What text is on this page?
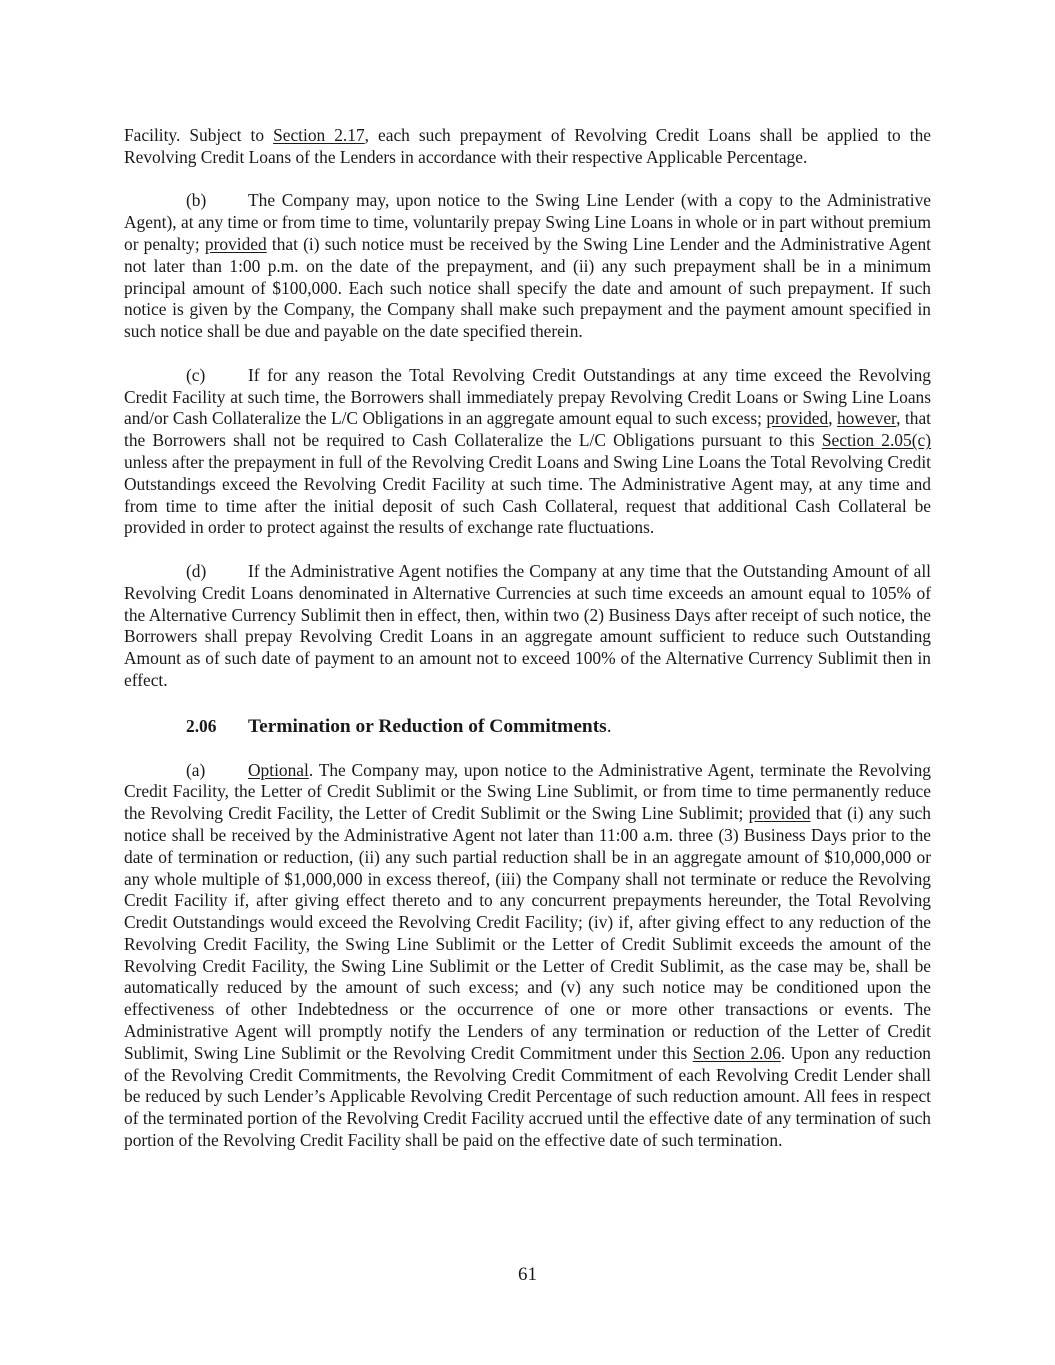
Facility. Subject to Section 2.17, each such prepayment of Revolving Credit Loans shall be applied to the Revolving Credit Loans of the Lenders in accordance with their respective Applicable Percentage.

(b) The Company may, upon notice to the Swing Line Lender (with a copy to the Administrative Agent), at any time or from time to time, voluntarily prepay Swing Line Loans in whole or in part without premium or penalty; provided that (i) such notice must be received by the Swing Line Lender and the Administrative Agent not later than 1:00 p.m. on the date of the prepayment, and (ii) any such prepayment shall be in a minimum principal amount of $100,000. Each such notice shall specify the date and amount of such prepayment. If such notice is given by the Company, the Company shall make such prepayment and the payment amount specified in such notice shall be due and payable on the date specified therein.

(c) If for any reason the Total Revolving Credit Outstandings at any time exceed the Revolving Credit Facility at such time, the Borrowers shall immediately prepay Revolving Credit Loans or Swing Line Loans and/or Cash Collateralize the L/C Obligations in an aggregate amount equal to such excess; provided, however, that the Borrowers shall not be required to Cash Collateralize the L/C Obligations pursuant to this Section 2.05(c) unless after the prepayment in full of the Revolving Credit Loans and Swing Line Loans the Total Revolving Credit Outstandings exceed the Revolving Credit Facility at such time. The Administrative Agent may, at any time and from time to time after the initial deposit of such Cash Collateral, request that additional Cash Collateral be provided in order to protect against the results of exchange rate fluctuations.

(d) If the Administrative Agent notifies the Company at any time that the Outstanding Amount of all Revolving Credit Loans denominated in Alternative Currencies at such time exceeds an amount equal to 105% of the Alternative Currency Sublimit then in effect, then, within two (2) Business Days after receipt of such notice, the Borrowers shall prepay Revolving Credit Loans in an aggregate amount sufficient to reduce such Outstanding Amount as of such date of payment to an amount not to exceed 100% of the Alternative Currency Sublimit then in effect.

2.06 Termination or Reduction of Commitments.

(a) Optional. The Company may, upon notice to the Administrative Agent, terminate the Revolving Credit Facility, the Letter of Credit Sublimit or the Swing Line Sublimit, or from time to time permanently reduce the Revolving Credit Facility, the Letter of Credit Sublimit or the Swing Line Sublimit; provided that (i) any such notice shall be received by the Administrative Agent not later than 11:00 a.m. three (3) Business Days prior to the date of termination or reduction, (ii) any such partial reduction shall be in an aggregate amount of $10,000,000 or any whole multiple of $1,000,000 in excess thereof, (iii) the Company shall not terminate or reduce the Revolving Credit Facility if, after giving effect thereto and to any concurrent prepayments hereunder, the Total Revolving Credit Outstandings would exceed the Revolving Credit Facility; (iv) if, after giving effect to any reduction of the Revolving Credit Facility, the Swing Line Sublimit or the Letter of Credit Sublimit exceeds the amount of the Revolving Credit Facility, the Swing Line Sublimit or the Letter of Credit Sublimit, as the case may be, shall be automatically reduced by the amount of such excess; and (v) any such notice may be conditioned upon the effectiveness of other Indebtedness or the occurrence of one or more other transactions or events. The Administrative Agent will promptly notify the Lenders of any termination or reduction of the Letter of Credit Sublimit, Swing Line Sublimit or the Revolving Credit Commitment under this Section 2.06. Upon any reduction of the Revolving Credit Commitments, the Revolving Credit Commitment of each Revolving Credit Lender shall be reduced by such Lender’s Applicable Revolving Credit Percentage of such reduction amount. All fees in respect of the terminated portion of the Revolving Credit Facility accrued until the effective date of any termination of such portion of the Revolving Credit Facility shall be paid on the effective date of such termination.

61
